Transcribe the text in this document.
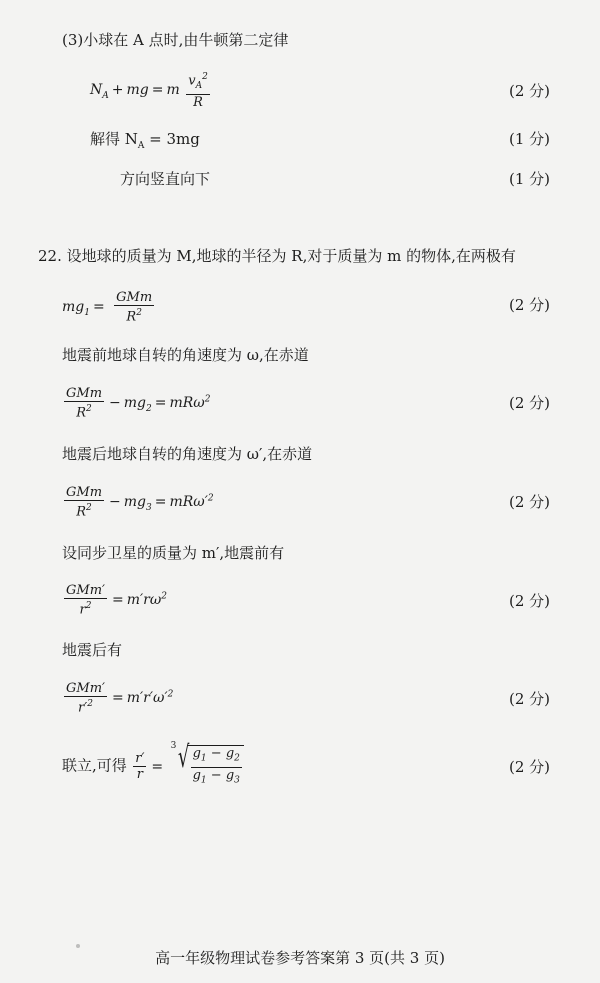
(3)小球在 A 点时,由牛顿第二定律
$N_A$ + mg = m $\frac{v_A^2}{R}$	(2 分)
解得 $N_A = 3mg$	(1 分)
方向竖直向下	(1 分)
22. 设地球的质量为 M,地球的半径为 R,对于质量为 m 的物体,在两极有
$mg_1 = \frac{\text{GMm}}{R^2}$	(2 分)
地震前地球自转的角速度为 ω,在赤道
$\frac{\text{GMm}}{R^2} - mg_2 = mR\omega^2$	(2 分)
地震后地球自转的角速度为 ω′,在赤道
$\frac{\text{GMm}}{R^2} - mg_3 = mR\omega'^2$	(2 分)
设同步卫星的质量为 m′,地震前有
$\frac{\text{GMm′}}{r^2} = m'r\omega^2$	(2 分)
地震后有
$\frac{\text{GMm′}}{r'^2} = m'r'\omega'^2$	(2 分)
联立,可得 $\frac{r'}{r}$ =
3 √ $\frac{g_1 - g_2}{g_1 - g_3}$	(2 分)
高一年级物理试卷参考答案第 3 页(共 3 页)
